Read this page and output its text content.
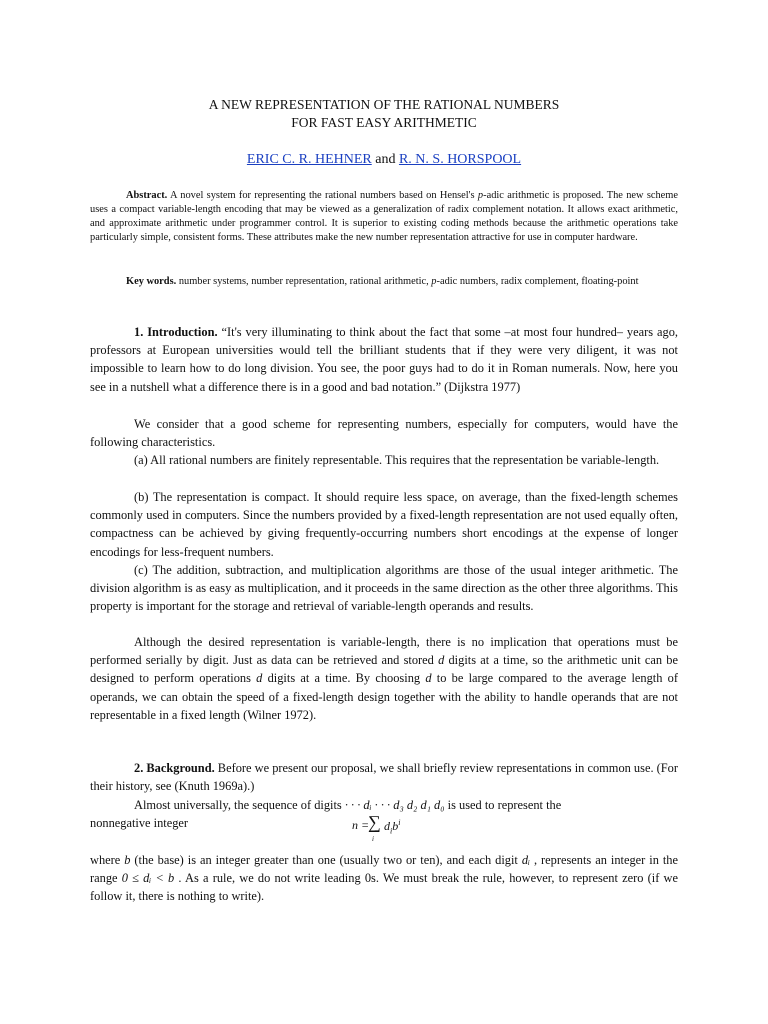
A NEW REPRESENTATION OF THE RATIONAL NUMBERS
FOR FAST EASY ARITHMETIC
ERIC C. R. HEHNER and R. N. S. HORSPOOL
Abstract. A novel system for representing the rational numbers based on Hensel's p-adic arithmetic is proposed. The new scheme uses a compact variable-length encoding that may be viewed as a generalization of radix complement notation. It allows exact arithmetic, and approximate arithmetic under programmer control. It is superior to existing coding methods because the arithmetic operations take particularly simple, consistent forms. These attributes make the new number representation attractive for use in computer hardware.
Key words. number systems, number representation, rational arithmetic, p-adic numbers, radix complement, floating-point

1. Introduction. “It's very illuminating to think about the fact that some –at most four hundred– years ago, professors at European universities would tell the brilliant students that if they were very diligent, it was not impossible to learn how to do long division. You see, the poor guys had to do it in Roman numerals. Now, here you see in a nutshell what a difference there is in a good and bad notation.” (Dijkstra 1977)

We consider that a good scheme for representing numbers, especially for computers, would have the following characteristics.

(a) All rational numbers are finitely representable. This requires that the representation be variable-length.

(b) The representation is compact. It should require less space, on average, than the fixed-length schemes commonly used in computers. Since the numbers provided by a fixed-length representation are not used equally often, compactness can be achieved by giving frequently-occurring numbers short encodings at the expense of longer encodings for less-frequent numbers.

(c) The addition, subtraction, and multiplication algorithms are those of the usual integer arithmetic. The division algorithm is as easy as multiplication, and it proceeds in the same direction as the other three algorithms. This property is important for the storage and retrieval of variable-length operands and results.

Although the desired representation is variable-length, there is no implication that operations must be performed serially by digit. Just as data can be retrieved and stored d digits at a time, so the arithmetic unit can be designed to perform operations d digits at a time. By choosing d to be large compared to the average length of operands, we can obtain the speed of a fixed-length design together with the ability to handle operands that are not representable in a fixed length (Wilner 1972).

2. Background. Before we present our proposal, we shall briefly review representations in common use. (For their history, see (Knuth 1969a).)

Almost universally, the sequence of digits · · · dᵢ · · · d₃ d₂ d₁ d₀ is used to represent the

nonnegative integer	n =
∑ $d_ib^i$
i

where b (the base) is an integer greater than one (usually two or ten), and each digit dᵢ , represents an integer in the range 0 ≤ dᵢ < b . As a rule, we do not write leading 0s. We must break the rule, however, to represent zero (if we follow it, there is nothing to write).
